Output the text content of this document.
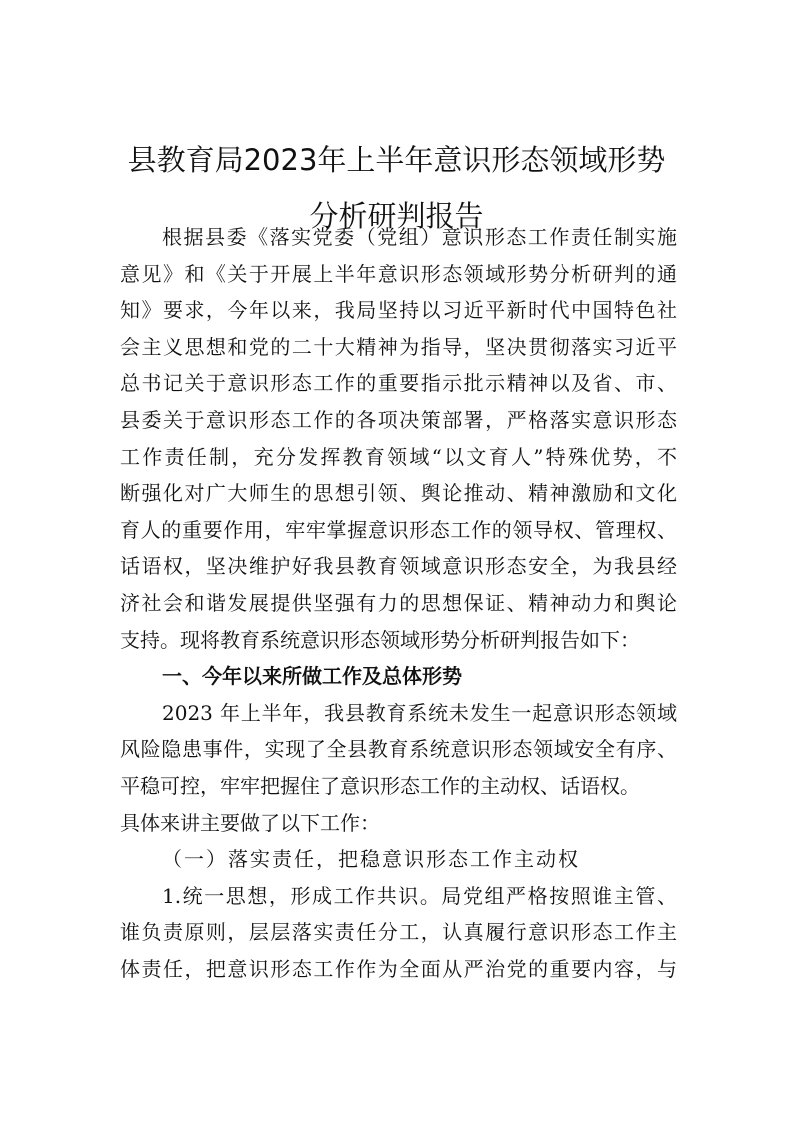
县教育局2023年上半年意识形态领域形势
分析研判报告
根据县委《落实党委（党组）意识形态工作责任制实施
意见》和《关于开展上半年意识形态领域形势分析研判的通
知》要求，今年以来，我局坚持以习近平新时代中国特色社
会主义思想和党的二十大精神为指导，坚决贯彻落实习近平
总书记关于意识形态工作的重要指示批示精神以及省、市、
县委关于意识形态工作的各项决策部署，严格落实意识形态
工作责任制，充分发挥教育领域“以文育人”特殊优势，不
断强化对广大师生的思想引领、舆论推动、精神激励和文化
育人的重要作用，牢牢掌握意识形态工作的领导权、管理权、
话语权，坚决维护好我县教育领域意识形态安全，为我县经
济社会和谐发展提供坚强有力的思想保证、精神动力和舆论
支持。现将教育系统意识形态领域形势分析研判报告如下：
一、今年以来所做工作及总体形势
2023 年上半年，我县教育系统未发生一起意识形态领域
风险隐患事件，实现了全县教育系统意识形态领域安全有序、
平稳可控，牢牢把握住了意识形态工作的主动权、话语权。
具体来讲主要做了以下工作：
（一）落实责任，把稳意识形态工作主动权
1.统一思想，形成工作共识。局党组严格按照谁主管、
谁负责原则，层层落实责任分工，认真履行意识形态工作主
体责任，把意识形态工作作为全面从严治党的重要内容，与
